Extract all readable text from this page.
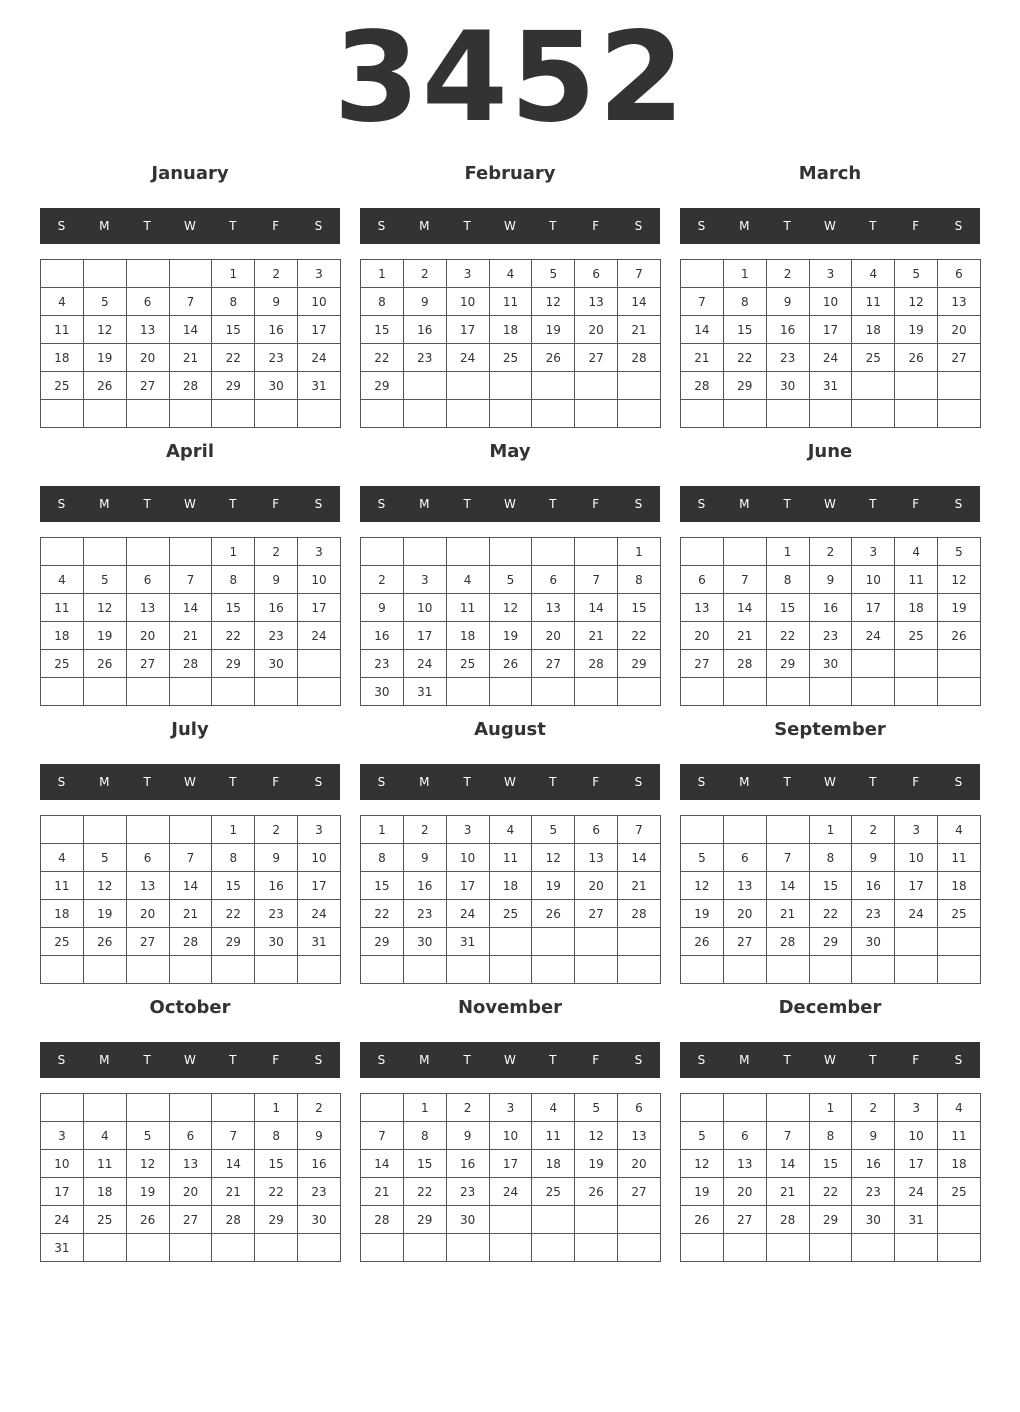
3452
January
S	M	T	W	T	F	S
				1	2	3
4	5	6	7	8	9	10
11	12	13	14	15	16	17
18	19	20	21	22	23	24
25	26	27	28	29	30	31

February
S	M	T	W	T	F	S
1	2	3	4	5	6	7
8	9	10	11	12	13	14
15	16	17	18	19	20	21
22	23	24	25	26	27	28
29						

March
S	M	T	W	T	F	S
	1	2	3	4	5	6
7	8	9	10	11	12	13
14	15	16	17	18	19	20
21	22	23	24	25	26	27
28	29	30	31			

April
S	M	T	W	T	F	S
				1	2	3
4	5	6	7	8	9	10
11	12	13	14	15	16	17
18	19	20	21	22	23	24
25	26	27	28	29	30	

May
S	M	T	W	T	F	S
						1
2	3	4	5	6	7	8
9	10	11	12	13	14	15
16	17	18	19	20	21	22
23	24	25	26	27	28	29
30	31					
June
S	M	T	W	T	F	S
		1	2	3	4	5
6	7	8	9	10	11	12
13	14	15	16	17	18	19
20	21	22	23	24	25	26
27	28	29	30			

July
S	M	T	W	T	F	S
				1	2	3
4	5	6	7	8	9	10
11	12	13	14	15	16	17
18	19	20	21	22	23	24
25	26	27	28	29	30	31

August
S	M	T	W	T	F	S
1	2	3	4	5	6	7
8	9	10	11	12	13	14
15	16	17	18	19	20	21
22	23	24	25	26	27	28
29	30	31				

September
S	M	T	W	T	F	S
			1	2	3	4
5	6	7	8	9	10	11
12	13	14	15	16	17	18
19	20	21	22	23	24	25
26	27	28	29	30		

October
S	M	T	W	T	F	S
					1	2
3	4	5	6	7	8	9
10	11	12	13	14	15	16
17	18	19	20	21	22	23
24	25	26	27	28	29	30
31						
November
S	M	T	W	T	F	S
	1	2	3	4	5	6
7	8	9	10	11	12	13
14	15	16	17	18	19	20
21	22	23	24	25	26	27
28	29	30				

December
S	M	T	W	T	F	S
			1	2	3	4
5	6	7	8	9	10	11
12	13	14	15	16	17	18
19	20	21	22	23	24	25
26	27	28	29	30	31	
